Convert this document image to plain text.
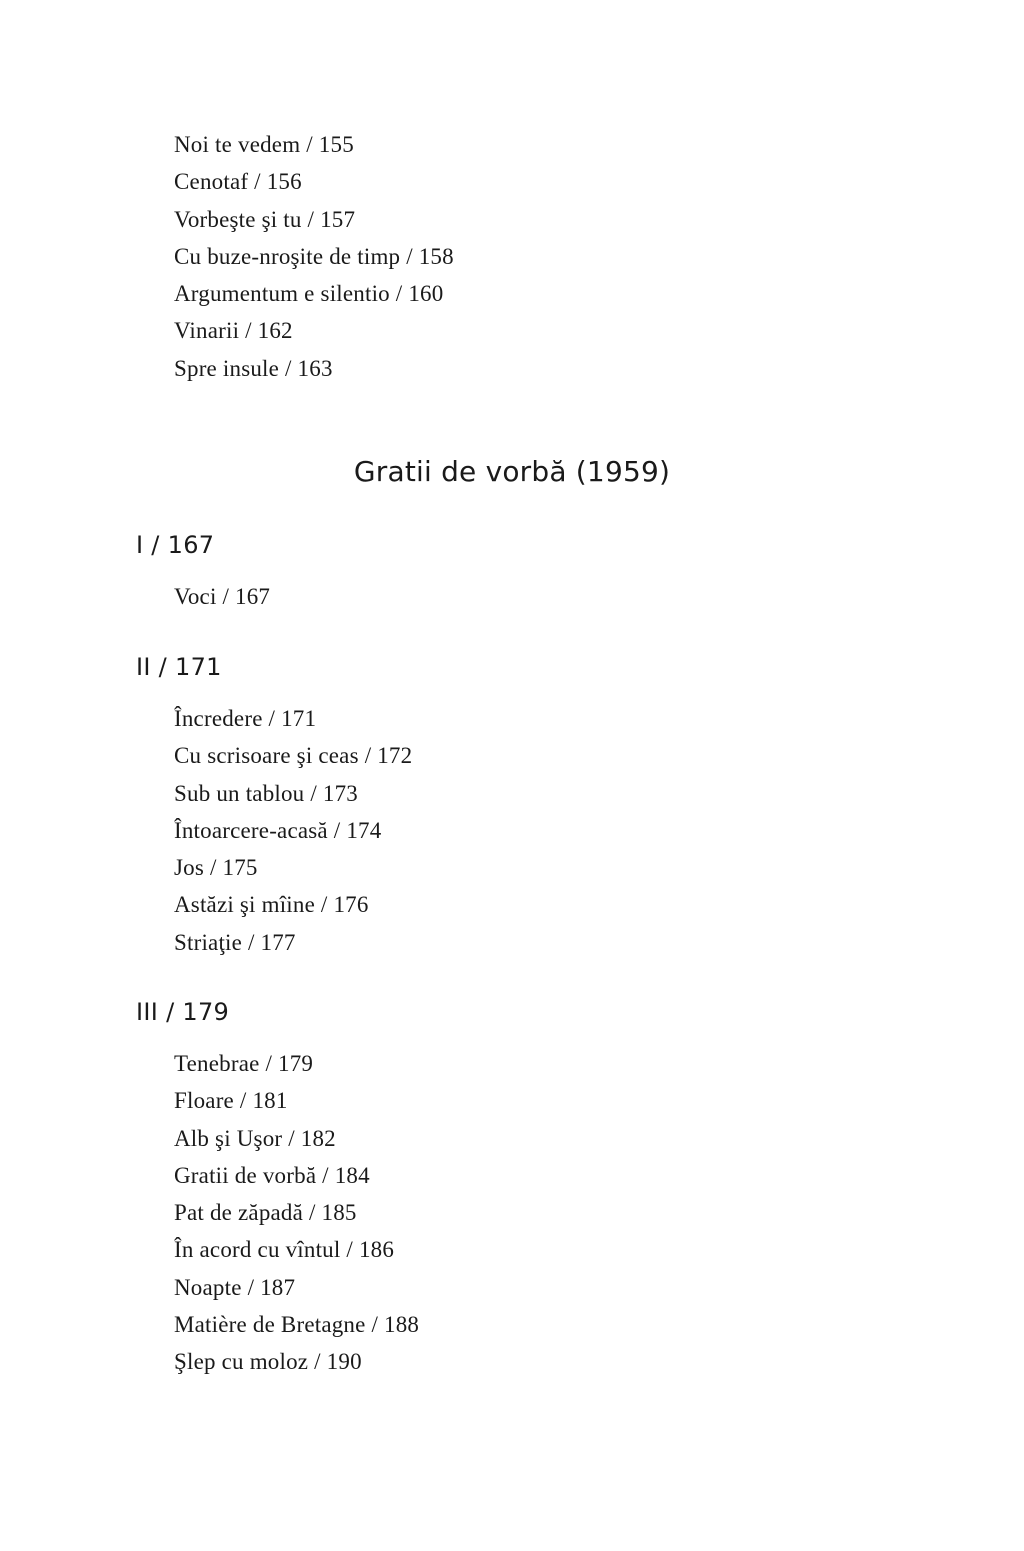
Noi te vedem / 155
Cenotaf / 156
Vorbeşte şi tu / 157
Cu buze-nroşite de timp / 158
Argumentum e silentio / 160
Vinarii / 162
Spre insule / 163
Gratii de vorbă (1959)
I / 167
Voci / 167
II / 171
Încredere / 171
Cu scrisoare şi ceas / 172
Sub un tablou / 173
Întoarcere-acasă / 174
Jos / 175
Astăzi şi mîine / 176
Striaţie / 177
III / 179
Tenebrae / 179
Floare / 181
Alb şi Uşor / 182
Gratii de vorbă / 184
Pat de zăpadă / 185
În acord cu vîntul / 186
Noapte / 187
Matière de Bretagne / 188
Şlep cu moloz / 190
